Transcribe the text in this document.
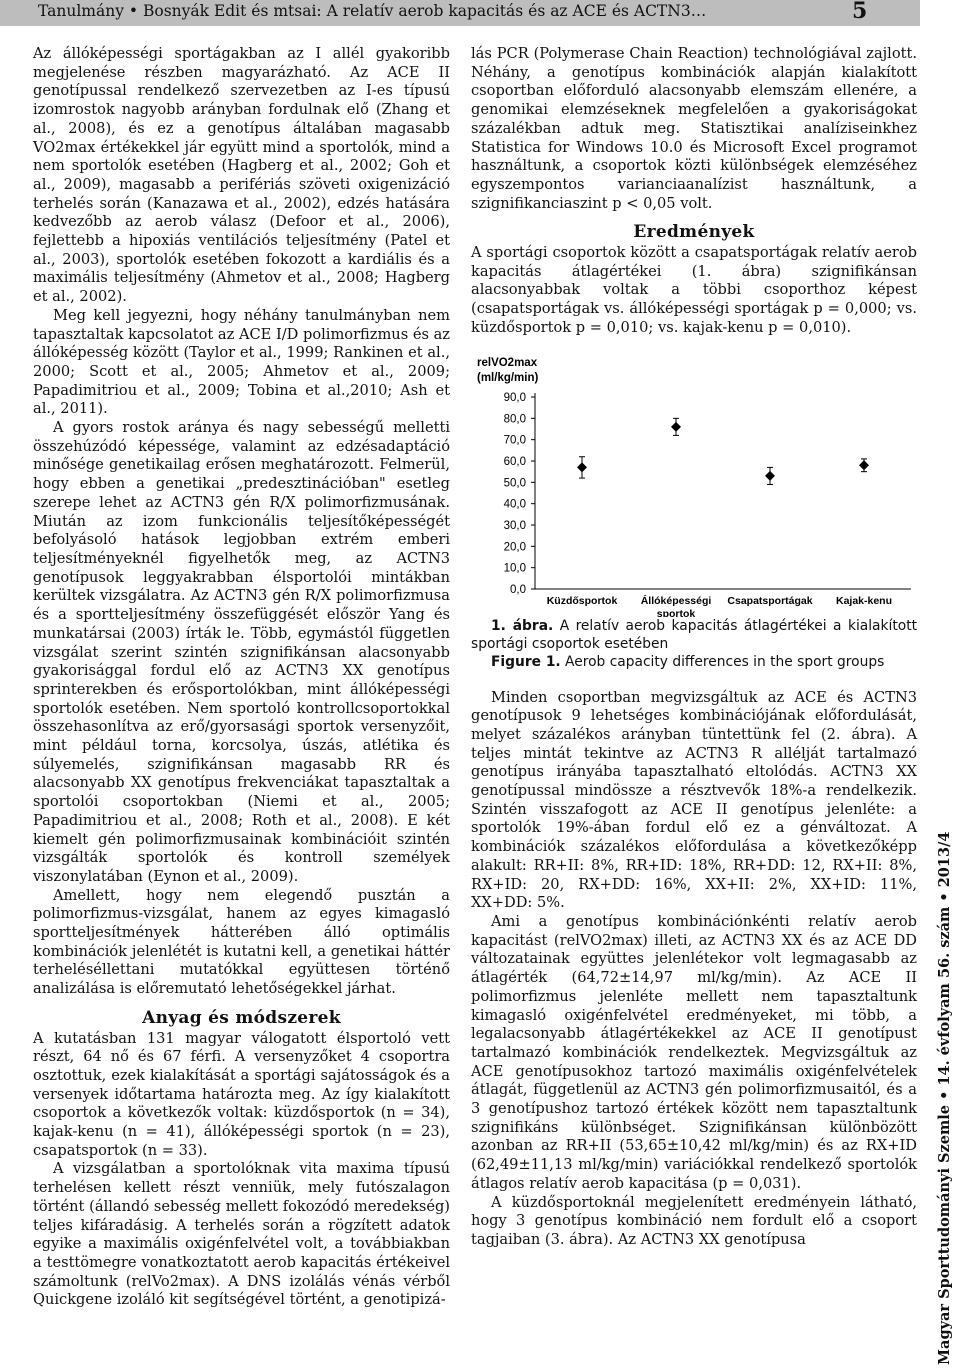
Tanulmány • Bosnyák Edit és mtsai: A relatív aerob kapacitás és az ACE és ACTN3…	5

Az állóképességi sportágakban az I allél gyakoribb megjelenése részben magyarázható. Az ACE II genotípussal rendelkező szervezetben az I-es típusú izomrostok nagyobb arányban fordulnak elő (Zhang et al., 2008), és ez a genotípus általában magasabb VO2max értékekkel jár együtt mind a sportolók, mind a nem sportolók esetében (Hagberg et al., 2002; Goh et al., 2009), magasabb a perifériás szöveti oxigenizáció terhelés során (Kanazawa et al., 2002), edzés hatására kedvezőbb az aerob válasz (Defoor et al., 2006), fejlettebb a hipoxiás ventilációs teljesítmény (Patel et al., 2003), sportolók esetében fokozott a kardiális és a maximális teljesítmény (Ahmetov et al., 2008; Hagberg et al., 2002).

Meg kell jegyezni, hogy néhány tanulmányban nem tapasztaltak kapcsolatot az ACE I/D polimorfizmus és az állóképesség között (Taylor et al., 1999; Rankinen et al., 2000; Scott et al., 2005; Ahmetov et al., 2009; Papadimitriou et al., 2009; Tobina et al.,2010; Ash et al., 2011).

A gyors rostok aránya és nagy sebességű melletti összehúzódó képessége, valamint az edzésadaptáció minősége genetikailag erősen meghatározott. Felmerül, hogy ebben a genetikai „predesztinációban" esetleg szerepe lehet az ACTN3 gén R/X polimorfizmusának. Miután az izom funkcionális teljesítőképességét befolyásoló hatások legjobban extrém emberi teljesítményeknél figyelhetők meg, az ACTN3 genotípusok leggyakrabban élsportolói mintákban kerültek vizsgálatra. Az ACTN3 gén R/X polimorfizmusa és a sportteljesítmény összefüggését először Yang és munkatársai (2003) írták le. Több, egymástól független vizsgálat szerint szintén szignifikánsan alacsonyabb gyakorisággal fordul elő az ACTN3 XX genotípus sprinterekben és erősportolókban, mint állóképességi sportolók esetében. Nem sportoló kontrollcsoportokkal összehasonlítva az erő/gyorsasági sportok versenyzőit, mint például torna, korcsolya, úszás, atlétika és súlyemelés, szignifikánsan magasabb RR és alacsonyabb XX genotípus frekvenciákat tapasztaltak a sportolói csoportokban (Niemi et al., 2005; Papadimitriou et al., 2008; Roth et al., 2008). E két kiemelt gén polimorfizmusainak kombinációit szintén vizsgálták sportolók és kontroll személyek viszonylatában (Eynon et al., 2009).

Amellett, hogy nem elegendő pusztán a polimorfizmus-vizsgálat, hanem az egyes kimagasló sportteljesítmények hátterében álló optimális kombinációk jelenlétét is kutatni kell, a genetikai háttér terheléséllettani mutatókkal együttesen történő analizálása is előremutató lehetőségekkel járhat.

Anyag és módszerek

A kutatásban 131 magyar válogatott élsportoló vett részt, 64 nő és 67 férfi. A versenyzőket 4 csoportra osztottuk, ezek kialakítását a sportági sajátosságok és a versenyek időtartama határozta meg. Az így kialakított csoportok a következők voltak: küzdősportok (n = 34), kajak-kenu (n = 41), állóképességi sportok (n = 23), csapatsportok (n = 33).

A vizsgálatban a sportolóknak vita maxima típusú terhelésen kellett részt venniük, mely futószalagon történt (állandó sebesség mellett fokozódó meredekség) teljes kifáradásig. A terhelés során a rögzített adatok egyike a maximális oxigénfelvétel volt, a továbbiakban a testtömegre vonatkoztatott aerob kapacitás értékeivel számoltunk (relVo2max). A DNS izolálás vénás vérből Quickgene izoláló kit segítségével történt, a genotipizá-

lás PCR (Polymerase Chain Reaction) technológiával zajlott. Néhány, a genotípus kombinációk alapján kialakított csoportban előforduló alacsonyabb elemszám ellenére, a genomikai elemzéseknek megfelelően a gyakoriságokat százalékban adtuk meg. Statisztikai analíziseinkhez Statistica for Windows 10.0 és Microsoft Excel programot használtunk, a csoportok közti különbségek elemzéséhez egyszempontos varianciaanalízist használtunk, a szignifikanciaszint p < 0,05 volt.

Eredmények

A sportági csoportok között a csapatsportágak relatív aerob kapacitás átlagértékei (1. ábra) szignifikánsan alacsonyabbak voltak a többi csoporthoz képest (csapatsportágak vs. állóképességi sportágak p = 0,000; vs. küzdősportok p = 0,010; vs. kajak-kenu p = 0,010).

relVO2max
(ml/kg/min)
0,0
10,0
20,0
30,0
40,0
50,0
60,0
70,0
80,0
90,0
Küzdősportok Állóképességi sportok
Csapatsportágak Kajak-kenu

1. ábra. A relatív aerob kapacitás átlagértékei a kialakított sportági csoportok esetében

Figure 1. Aerob capacity differences in the sport groups

Minden csoportban megvizsgáltuk az ACE és ACTN3 genotípusok 9 lehetséges kombinációjának előfordulását, melyet százalékos arányban tüntettünk fel (2. ábra). A teljes mintát tekintve az ACTN3 R allélját tartalmazó genotípus irányába tapasztalható eltolódás. ACTN3 XX genotípussal mindössze a résztvevők 18%-a rendelkezik. Szintén visszafogott az ACE II genotípus jelenléte: a sportolók 19%-ában fordul elő ez a génváltozat. A kombinációk százalékos előfordulása a következőképp alakult: RR+II: 8%, RR+ID: 18%, RR+DD: 12, RX+II: 8%, RX+ID: 20, RX+DD: 16%, XX+II: 2%, XX+ID: 11%, XX+DD: 5%.

Ami a genotípus kombinációnkénti relatív aerob kapacitást (relVO2max) illeti, az ACTN3 XX és az ACE DD változatainak együttes jelenlétekor volt legmagasabb az átlagérték (64,72±14,97 ml/kg/min). Az ACE II polimorfizmus jelenléte mellett nem tapasztaltunk kimagasló oxigénfelvétel eredményeket, mi több, a legalacsonyabb átlagértékekkel az ACE II genotípust tartalmazó kombinációk rendelkeztek. Megvizsgáltuk az ACE genotípusokhoz tartozó maximális oxigénfelvételek átlagát, függetlenül az ACTN3 gén polimorfizmusaitól, és a 3 genotípushoz tartozó értékek között nem tapasztaltunk szignifikáns különbséget. Szignifikánsan különbözött azonban az RR+II (53,65±10,42 ml/kg/min) és az RX+ID (62,49±11,13 ml/kg/min) variációkkal rendelkező sportolók átlagos relatív aerob kapacitása (p = 0,031).

A küzdősportoknál megjelenített eredményein látható, hogy 3 genotípus kombináció nem fordult elő a csoport tagjaiban (3. ábra). Az ACTN3 XX genotípusa	Magyar Sporttudományi Szemle • 14. évfolyam 56. szám • 2013/4
